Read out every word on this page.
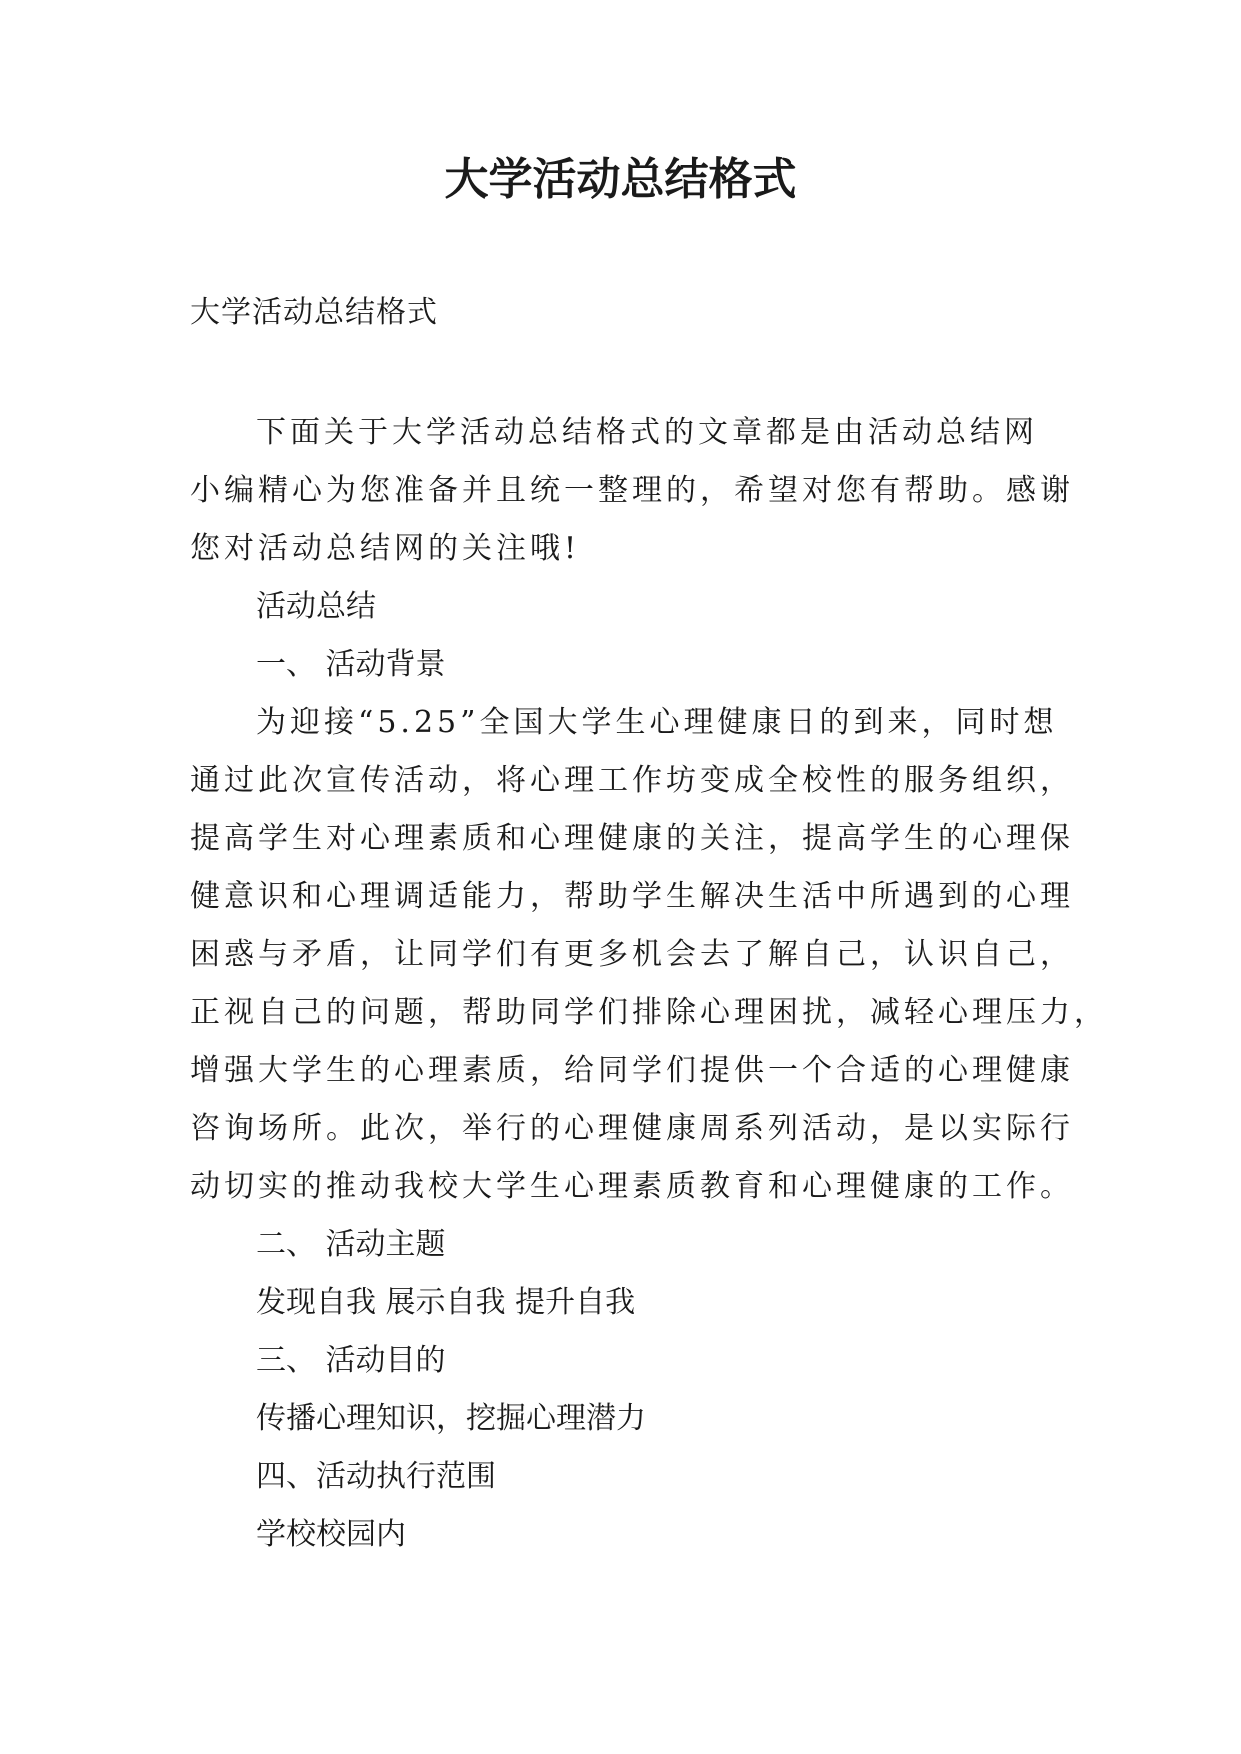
大学活动总结格式

大学活动总结格式

下面关于大学活动总结格式的文章都是由活动总结网

小编精心为您准备并且统一整理的，希望对您有帮助。感谢

您对活动总结网的关注哦!

活动总结

一、 活动背景

为迎接“5.25”全国大学生心理健康日的到来，同时想

通过此次宣传活动，将心理工作坊变成全校性的服务组织，

提高学生对心理素质和心理健康的关注，提高学生的心理保

健意识和心理调适能力，帮助学生解决生活中所遇到的心理

困惑与矛盾，让同学们有更多机会去了解自己，认识自己，

正视自己的问题，帮助同学们排除心理困扰，减轻心理压力，

增强大学生的心理素质，给同学们提供一个合适的心理健康

咨询场所。此次，举行的心理健康周系列活动，是以实际行

动切实的推动我校大学生心理素质教育和心理健康的工作。

二、 活动主题

发现自我 展示自我 提升自我

三、 活动目的

传播心理知识，挖掘心理潜力

四、活动执行范围

学校校园内
